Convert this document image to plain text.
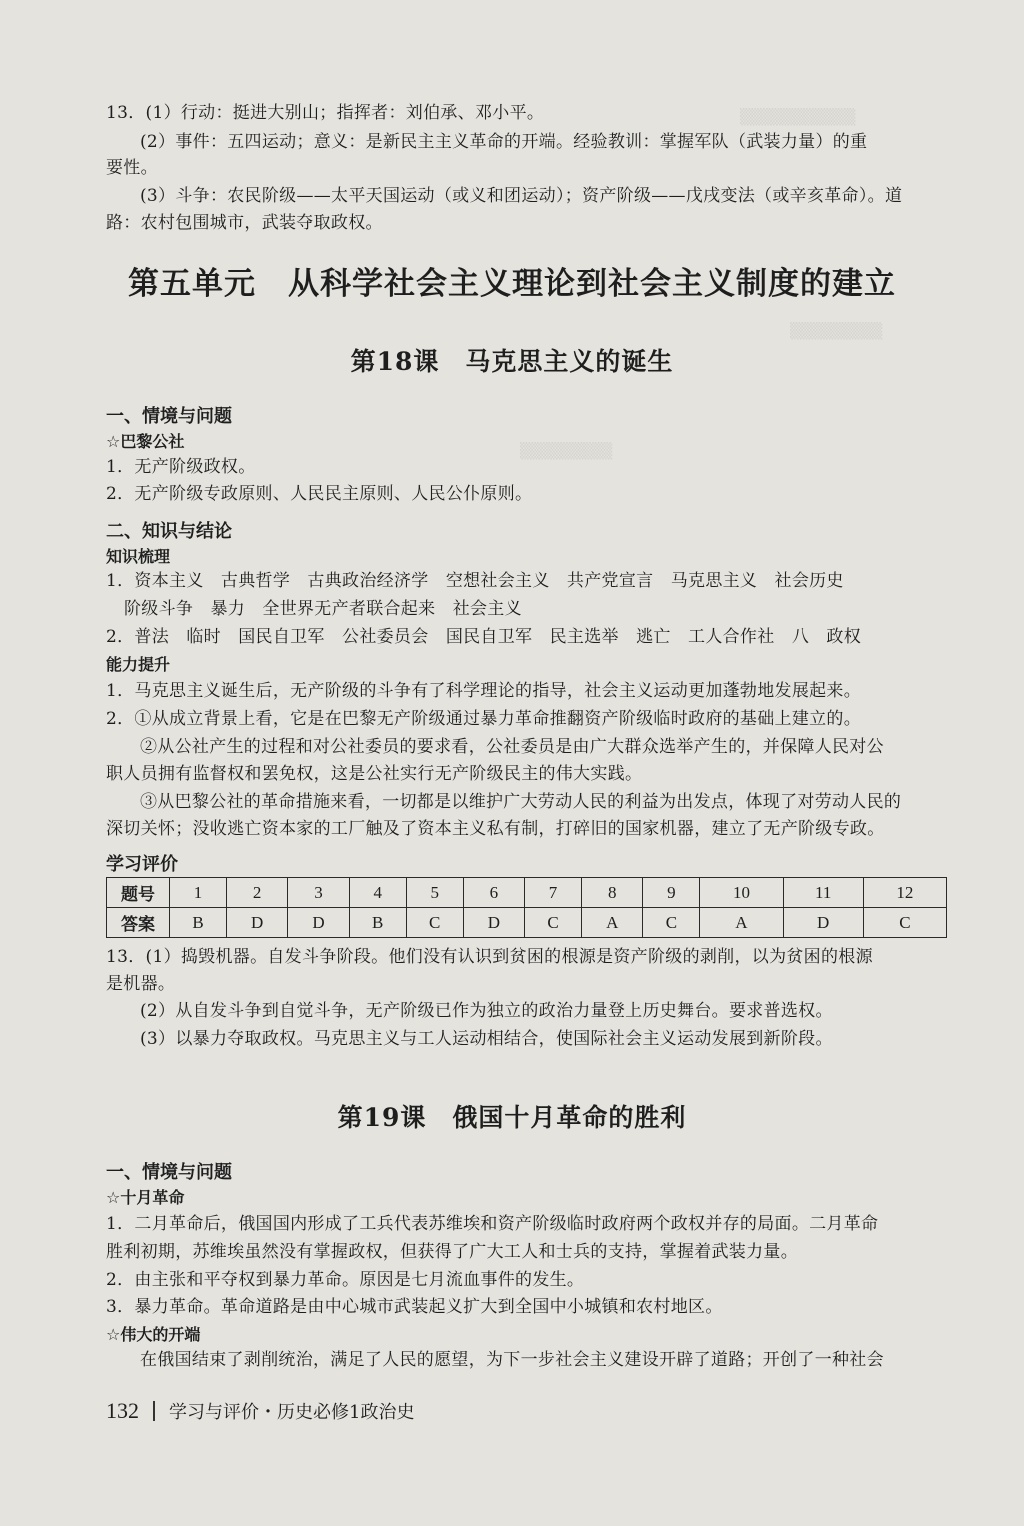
▒▒▒▒▒▒▒▒▒▒
▒▒▒▒▒▒▒▒
▒▒▒▒▒▒▒▒
13．(1）行动：挺进大别山；指挥者：刘伯承、邓小平。
(2）事件：五四运动；意义：是新民主主义革命的开端。经验教训：掌握军队（武装力量）的重
要性。
(3）斗争：农民阶级——太平天国运动（或义和团运动）；资产阶级——戊戌变法（或辛亥革命）。道
路：农村包围城市，武装夺取政权。
第五单元　从科学社会主义理论到社会主义制度的建立
第18课　马克思主义的诞生
一、情境与问题
☆巴黎公社
1．无产阶级政权。
2．无产阶级专政原则、人民民主原则、人民公仆原则。
二、知识与结论
知识梳理
1．资本主义　古典哲学　古典政治经济学　空想社会主义　共产党宣言　马克思主义　社会历史
阶级斗争　暴力　全世界无产者联合起来　社会主义
2．普法　临时　国民自卫军　公社委员会　国民自卫军　民主选举　逃亡　工人合作社　八　政权
能力提升
1．马克思主义诞生后，无产阶级的斗争有了科学理论的指导，社会主义运动更加蓬勃地发展起来。
2．①从成立背景上看，它是在巴黎无产阶级通过暴力革命推翻资产阶级临时政府的基础上建立的。
②从公社产生的过程和对公社委员的要求看，公社委员是由广大群众选举产生的，并保障人民对公
职人员拥有监督权和罢免权，这是公社实行无产阶级民主的伟大实践。
③从巴黎公社的革命措施来看，一切都是以维护广大劳动人民的利益为出发点，体现了对劳动人民的
深切关怀；没收逃亡资本家的工厂触及了资本主义私有制，打碎旧的国家机器，建立了无产阶级专政。
学习评价
题号	1	2	3	4	5	6	7	8	9	10	11	12
答案	B	D	D	B	C	D	C	A	C	A	D	C
13．(1）捣毁机器。自发斗争阶段。他们没有认识到贫困的根源是资产阶级的剥削，以为贫困的根源
是机器。
(2）从自发斗争到自觉斗争，无产阶级已作为独立的政治力量登上历史舞台。要求普选权。
(3）以暴力夺取政权。马克思主义与工人运动相结合，使国际社会主义运动发展到新阶段。
第19课　俄国十月革命的胜利
一、情境与问题
☆十月革命
1．二月革命后，俄国国内形成了工兵代表苏维埃和资产阶级临时政府两个政权并存的局面。二月革命
胜利初期，苏维埃虽然没有掌握政权，但获得了广大工人和士兵的支持，掌握着武装力量。
2．由主张和平夺权到暴力革命。原因是七月流血事件的发生。
3．暴力革命。革命道路是由中心城市武装起义扩大到全国中小城镇和农村地区。
☆伟大的开端
在俄国结束了剥削统治，满足了人民的愿望，为下一步社会主义建设开辟了道路；开创了一种社会
132 学习与评价・历史必修1政治史
